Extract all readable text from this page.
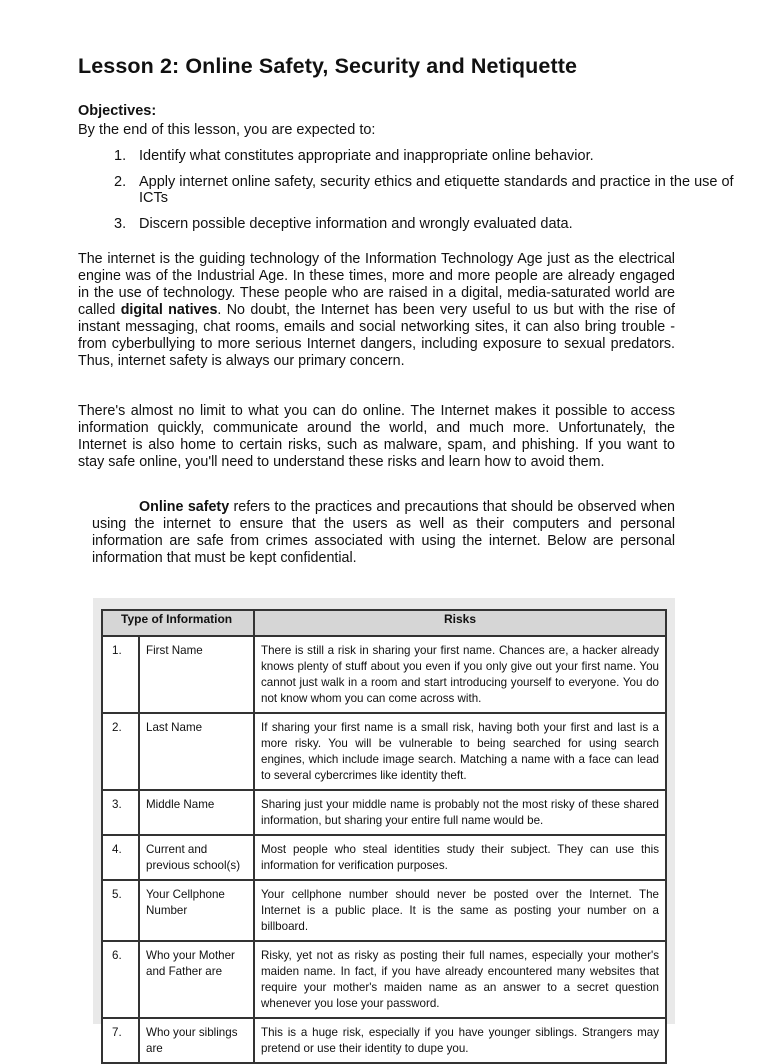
Lesson 2: Online Safety, Security and Netiquette
Objectives:
By the end of this lesson, you are expected to:
1. Identify what constitutes appropriate and inappropriate online behavior.
2. Apply internet online safety, security ethics and etiquette standards and practice in the use of ICTs
3. Discern possible deceptive information and wrongly evaluated data.

The internet is the guiding technology of the Information Technology Age just as the electrical engine was of the Industrial Age. In these times, more and more people are already engaged in the use of technology. These people who are raised in a digital, media-saturated world are called digital natives. No doubt, the Internet has been very useful to us but with the rise of instant messaging, chat rooms, emails and social networking sites, it can also bring trouble - from cyberbullying to more serious Internet dangers, including exposure to sexual predators. Thus, internet safety is always our primary concern.

There's almost no limit to what you can do online. The Internet makes it possible to access information quickly, communicate around the world, and much more. Unfortunately, the Internet is also home to certain risks, such as malware, spam, and phishing. If you want to stay safe online, you'll need to understand these risks and learn how to avoid them.

Online safety refers to the practices and precautions that should be observed when using the internet to ensure that the users as well as their computers and personal information are safe from crimes associated with using the internet. Below are personal information that must be kept confidential.

Type of Information		Risks
1.	First Name	There is still a risk in sharing your first name. Chances are, a hacker already knows plenty of stuff about you even if you only give out your first name. You cannot just walk in a room and start introducing yourself to everyone. You do not know whom you can come across with.
2.	Last Name	If sharing your first name is a small risk, having both your first and last is a more risky. You will be vulnerable to being searched for using search engines, which include image search. Matching a name with a face can lead to several cybercrimes like identity theft.
3.	Middle Name	Sharing just your middle name is probably not the most risky of these shared information, but sharing your entire full name would be.
4.	Current and previous school(s)	Most people who steal identities study their subject. They can use this information for verification purposes.
5.	Your Cellphone Number	Your cellphone number should never be posted over the Internet. The Internet is a public place. It is the same as posting your number on a billboard.
6.	Who your Mother and Father are	Risky, yet not as risky as posting their full names, especially your mother's maiden name. In fact, if you have already encountered many websites that require your mother's maiden name as an answer to a secret question whenever you lose your password.
7.	Who your siblings are	This is a huge risk, especially if you have younger siblings. Strangers may pretend or use their identity to dupe you.
